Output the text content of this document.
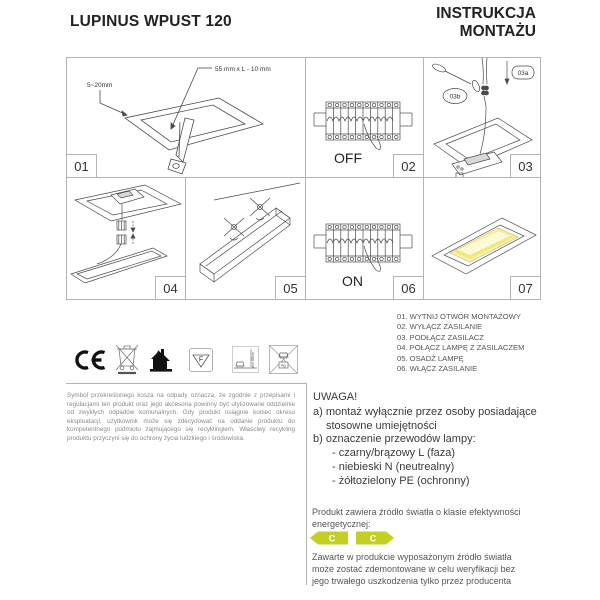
LUPINUS WPUST 120	INSTRUKCJA
MONTAŻU
5~20mm
55 mm x L - 10 mm
01	OFF	02
03a
03b
03
04	05	ON	06	07
01. WYTNIJ OTWÓR MONTAŻOWY
02. WYŁĄCZ ZASILANIE
03. PODŁĄCZ ZASILACZ
04. POŁĄCZ LAMPĘ Z ZASILACZEM
05. OSADŹ LAMPĘ
06. WŁĄCZ ZASILANIE
F	min 60cm	kg
Symbol przekreślonego kosza na odpady oznacza, że zgodnie z przepisami i regulacjami ten produkt oraz jego akcesoria powinny być utylizowane oddzielnie od zwykłych odpadów komunalnych. Gdy produkt osiągnie koniec okresu eksploatacji, użytkownik może się zdecydować na oddanie produktu do kompetentnego podmiotu zajmującego się recyklingiem. Właściwy recykling produktu przyczyni się do ochrony życia ludzkiego i środowiska.
UWAGA!
a) montaż wyłącznie przez osoby posiadające
stosowne umiejętności
b) oznaczenie przewodów lampy:
- czarny/brązowy L (faza)
- niebieski N (neutrealny)
- żółtozielony PE (ochronny)
Produkt zawiera źródło światła o klasie efektywności energetycznej:
C	C
Zawarte w produkcie wyposażonym źródło światła
może zostać zdemontowane w celu weryfikacji bez
jego trwałego uszkodzenia tylko przez producenta
